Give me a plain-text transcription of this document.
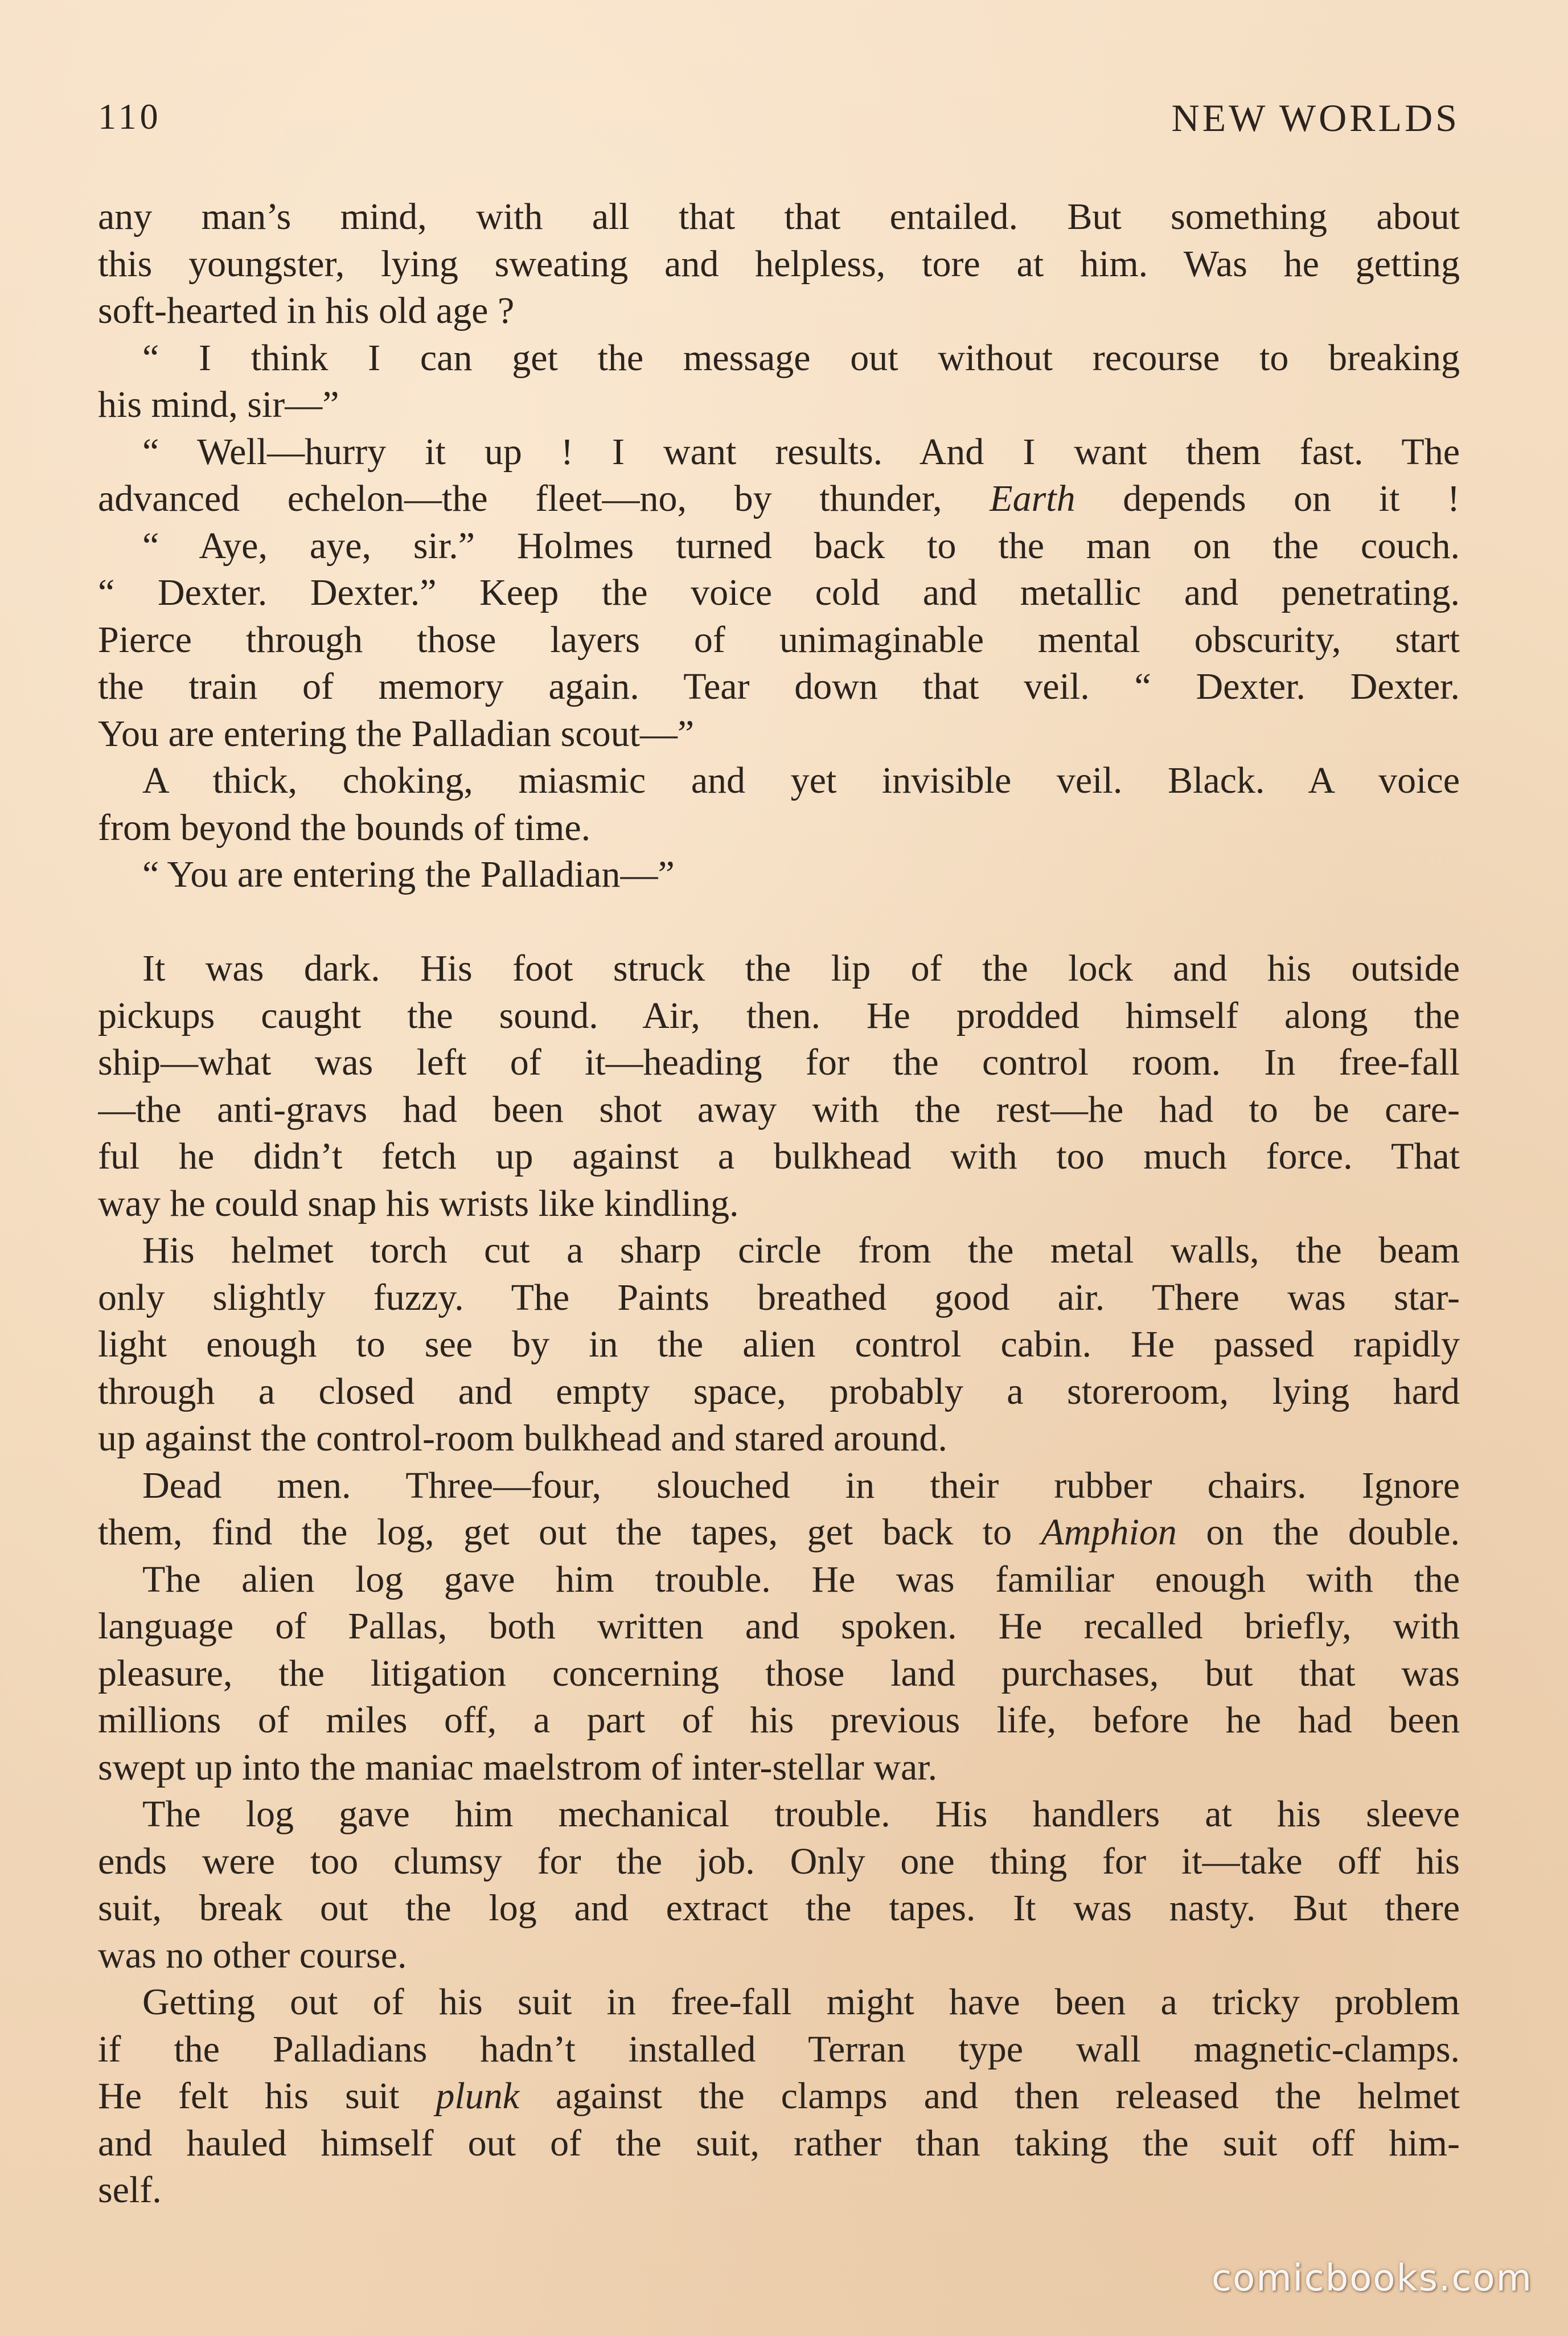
110	NEW WORLDS
any man’s mind, with all that that entailed. But something about
this youngster, lying sweating and helpless, tore at him. Was he getting
soft-hearted in his old age ?
“ I think I can get the message out without recourse to breaking
his mind, sir—”
“ Well—hurry it up ! I want results. And I want them fast. The
advanced echelon—the fleet—no, by thunder, Earth depends on it !
“ Aye, aye, sir.” Holmes turned back to the man on the couch.
“ Dexter. Dexter.” Keep the voice cold and metallic and penetrating.
Pierce through those layers of unimaginable mental obscurity, start
the train of memory again. Tear down that veil. “ Dexter. Dexter.
You are entering the Palladian scout—”
A thick, choking, miasmic and yet invisible veil. Black. A voice
from beyond the bounds of time.
“ You are entering the Palladian—”
It was dark. His foot struck the lip of the lock and his outside
pickups caught the sound. Air, then. He prodded himself along the
ship—what was left of it—heading for the control room. In free-fall
—the anti-gravs had been shot away with the rest—he had to be care-
ful he didn’t fetch up against a bulkhead with too much force. That
way he could snap his wrists like kindling.
His helmet torch cut a sharp circle from the metal walls, the beam
only slightly fuzzy. The Paints breathed good air. There was star-
light enough to see by in the alien control cabin. He passed rapidly
through a closed and empty space, probably a storeroom, lying hard
up against the control-room bulkhead and stared around.
Dead men. Three—four, slouched in their rubber chairs. Ignore
them, find the log, get out the tapes, get back to Amphion on the double.
The alien log gave him trouble. He was familiar enough with the
language of Pallas, both written and spoken. He recalled briefly, with
pleasure, the litigation concerning those land purchases, but that was
millions of miles off, a part of his previous life, before he had been
swept up into the maniac maelstrom of inter-stellar war.
The log gave him mechanical trouble. His handlers at his sleeve
ends were too clumsy for the job. Only one thing for it—take off his
suit, break out the log and extract the tapes. It was nasty. But there
was no other course.
Getting out of his suit in free-fall might have been a tricky problem
if the Palladians hadn’t installed Terran type wall magnetic-clamps.
He felt his suit plunk against the clamps and then released the helmet
and hauled himself out of the suit, rather than taking the suit off him-
self.
comicbooks.com
